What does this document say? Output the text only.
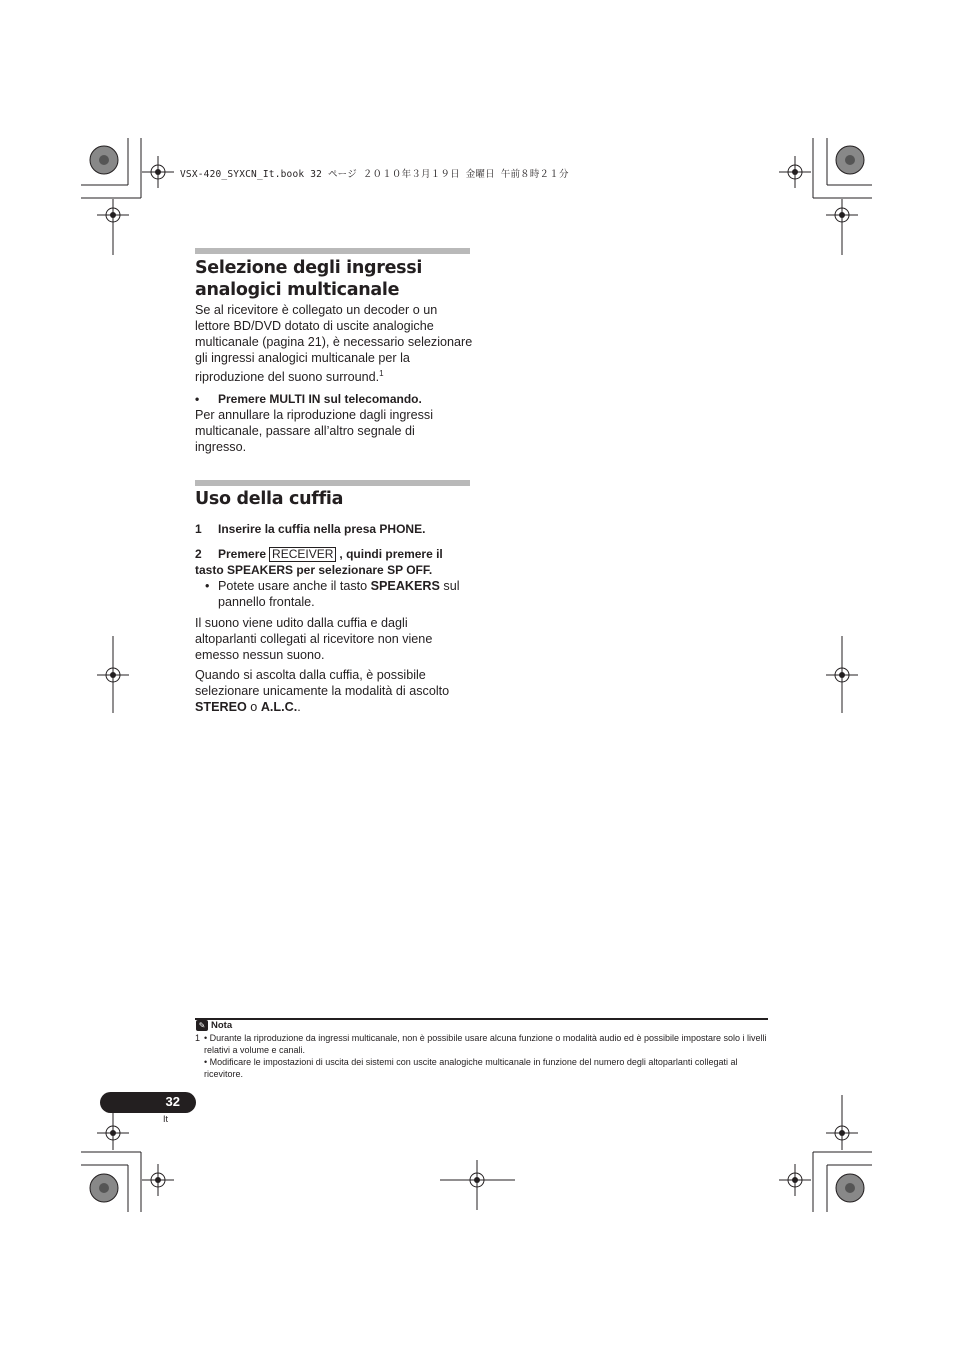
VSX-420_SYXCN_It.book 32 ページ ２０１０年３月１９日 金曜日 午前８時２１分
Selezione degli ingressi
analogici multicanale
Se al ricevitore è collegato un decoder o un lettore BD/DVD dotato di uscite analogiche multicanale (pagina 21), è necessario selezionare gli ingressi analogici multicanale per la riproduzione del suono surround.$^1$
• Premere MULTI IN sul telecomando.
Per annullare la riproduzione dagli ingressi multicanale, passare all’altro segnale di ingresso.
Uso della cuffia
1 Inserire la cuffia nella presa PHONE.
2 Premere RECEIVER , quindi premere il tasto SPEAKERS per selezionare SP OFF.
• Potete usare anche il tasto SPEAKERS sul pannello frontale.
Il suono viene udito dalla cuffia e dagli altoparlanti collegati al ricevitore non viene emesso nessun suono.
Quando si ascolta dalla cuffia, è possibile selezionare unicamente la modalità di ascolto STEREO o A.L.C..
✎ Nota
1 • Durante la riproduzione da ingressi multicanale, non è possibile usare alcuna funzione o modalità audio ed è possibile impostare solo i livelli relativi a volume e canali.
• Modificare le impostazioni di uscita dei sistemi con uscite analogiche multicanale in funzione del numero degli altoparlanti collegati al ricevitore.
32
It
